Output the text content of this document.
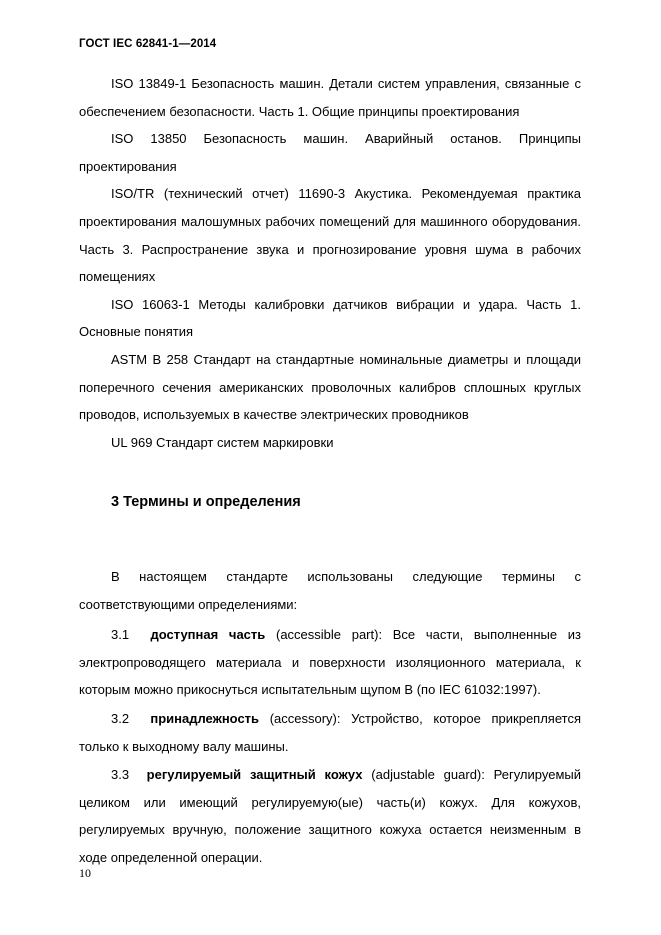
ГОСТ IEC 62841-1—2014

ISO 13849-1 Безопасность машин. Детали систем управления, связанные с обеспечением безопасности. Часть 1. Общие принципы проектирования

ISO 13850 Безопасность машин. Аварийный останов. Принципы проектирования

ISO/TR (технический отчет) 11690-3 Акустика. Рекомендуемая практика проектирования малошумных рабочих помещений для машинного оборудования. Часть 3. Распространение звука и прогнозирование уровня шума в рабочих помещениях

ISO 16063-1 Методы калибровки датчиков вибрации и удара. Часть 1. Основные понятия

ASTM B 258 Стандарт на стандартные номинальные диаметры и площади поперечного сечения американских проволочных калибров сплошных круглых проводов, используемых в качестве электрических проводников

UL 969 Стандарт систем маркировки

3 Термины и определения

В настоящем стандарте использованы следующие термины с соответствующими определениями:

3.1 доступная часть (accessible part): Все части, выполненные из электропроводящего материала и поверхности изоляционного материала, к которым можно прикоснуться испытательным щупом В (по IEC 61032:1997).

3.2 принадлежность (accessory): Устройство, которое прикрепляется только к выходному валу машины.

3.3 регулируемый защитный кожух (adjustable guard): Регулируемый целиком или имеющий регулируемую(ые) часть(и) кожух. Для кожухов, регулируемых вручную, положение защитного кожуха остается неизменным в ходе определенной операции.

10
